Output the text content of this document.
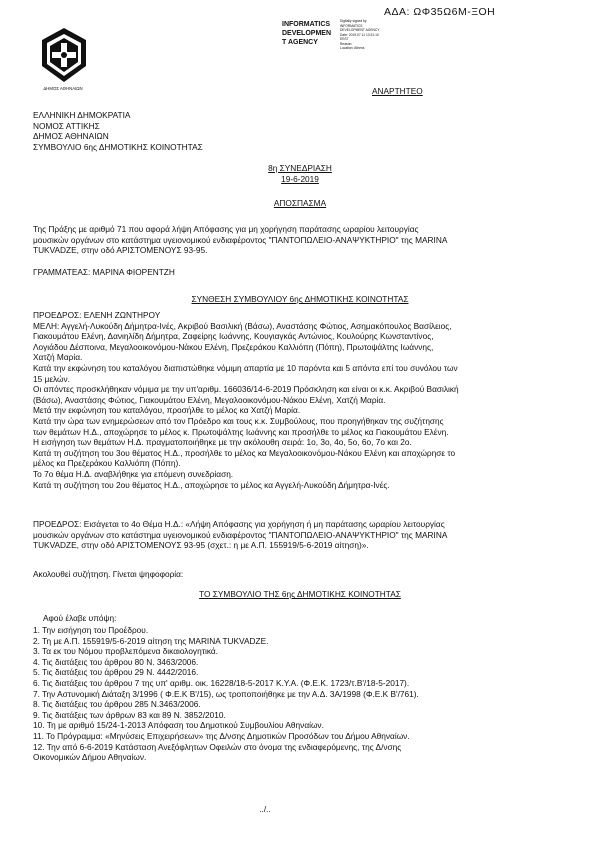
ΑΔΑ: ΩΦ35Ω6Μ-ΞΟΗ
ΔΗΜΟΣ ΑΘΗΝΑΙΩΝ
INFORMATICS
DEVELOPMEN
T AGENCY
Digitally signed by
INFORMATICS
DEVELOPMENT AGENCY
Date: 2019.07.11 13:31:10
EEST
Reason:
Location: Athens
ΑΝΑΡΤΗΤΕΟ
ΕΛΛΗΝΙΚΗ ΔΗΜΟΚΡΑΤΙΑ
ΝΟΜΟΣ ΑΤΤΙΚΗΣ
ΔΗΜΟΣ ΑΘΗΝΑΙΩΝ
ΣΥΜΒΟΥΛΙΟ 6ης ΔΗΜΟΤΙΚΗΣ ΚΟΙΝΟΤΗΤΑΣ
8η ΣΥΝΕΔΡΙΑΣΗ
19-6-2019
ΑΠΟΣΠΑΣΜΑ
Της Πράξης με αριθμό 71 που αφορά λήψη Απόφασης για μη χορήγηση παράτασης ωραρίου λειτουργίας
μουσικών οργάνων στο κατάστημα υγειονομικού ενδιαφέροντος "ΠΑΝΤΟΠΩΛΕΙΟ-ΑΝΑΨΥΚΤΗΡΙΟ" της MARINA
TUKVADZE, στην οδό ΑΡΙΣΤΟΜΕΝΟΥΣ 93-95.
ΓΡΑΜΜΑΤΕΑΣ: ΜΑΡΙΝΑ ΦΙΟΡΕΝΤΖΗ
ΣΥΝΘΕΣΗ ΣΥΜΒΟΥΛΙΟΥ 6ης ΔΗΜΟΤΙΚΗΣ ΚΟΙΝΟΤΗΤΑΣ
ΠΡΟΕΔΡΟΣ: ΕΛΕΝΗ ΖΩΝΤΗΡΟΥ
ΜΕΛΗ: Αγγελή-Λυκούδη Δήμητρα-Ινές, Ακριβού Βασιλική (Βάσω), Αναστάσης Φώτιος, Ασημακόπουλος Βασίλειος,
Γιακουμάτου Ελένη, Δανιηλίδη Δήμητρα, Ζαφείρης Ιωάννης, Κουγιαγκάς Αντώνιος, Κουλούρης Κωνσταντίνος,
Λογιάδου Δέσποινα, Μεγαλοοικονόμου-Νάκου Ελένη, Πρεζεράκου Καλλιόπη (Πόπη), Πρωτοψάλτης Ιωάννης,
Χατζή Μαρία.
Κατά την εκφώνηση του καταλόγου διαπιστώθηκε νόμιμη απαρτία με 10 παρόντα και 5 απόντα επί του συνόλου των
15 μελών.
Οι απόντες προσκλήθηκαν νόμιμα με την υπ'αριθμ. 166036/14-6-2019 Πρόσκληση και είναι οι κ.κ. Ακριβού Βασιλική
(Βάσω), Αναστάσης Φώτιος, Γιακουμάτου Ελένη, Μεγαλοοικονόμου-Νάκου Ελένη, Χατζή Μαρία.
Μετά την εκφώνηση του καταλόγου, προσήλθε το μέλος κα Χατζή Μαρία.
Κατά την ώρα των ενημερώσεων από τον Πρόεδρο και τους κ.κ. Συμβούλους, που προηγήθηκαν της συζήτησης
των θεμάτων Η.Δ., αποχώρησε το μέλος κ. Πρωτοψάλτης Ιωάννης και προσήλθε το μέλος κα Γιακουμάτου Ελένη.
Η εισήγηση των θεμάτων Η.Δ. πραγματοποιήθηκε με την ακόλουθη σειρά: 1ο, 3ο, 4ο, 5ο, 6ο, 7ο και 2ο.
Κατά τη συζήτηση του 3ου θέματος Η.Δ., προσήλθε το μέλος κα Μεγαλοοικονόμου-Νάκου Ελένη και αποχώρησε το
μέλος κα Πρεζεράκου Καλλιόπη (Πόπη).
Το 7ο θέμα Η.Δ. αναβλήθηκε για επόμενη συνεδρίαση.
Κατά τη συζήτηση του 2ου θέματος Η.Δ., αποχώρησε το μέλος κα Αγγελή-Λυκούδη Δήμητρα-Ινές.
ΠΡΟΕΔΡΟΣ: Εισάγεται το 4ο Θέμα Η.Δ.: «Λήψη Απόφασης για χορήγηση ή μη παράτασης ωραρίου λειτουργίας
μουσικών οργάνων στο κατάστημα υγειονομικού ενδιαφέροντος "ΠΑΝΤΟΠΩΛΕΙΟ-ΑΝΑΨΥΚΤΗΡΙΟ" της MARINA
TUKVADZE, στην οδό ΑΡΙΣΤΟΜΕΝΟΥΣ 93-95 (σχετ.: η με Α.Π. 155919/5-6-2019 αίτηση)».
Ακολουθεί συζήτηση. Γίνεται ψηφοφορία:
ΤΟ ΣΥΜΒΟΥΛΙΟ ΤΗΣ 6ης ΔΗΜΟΤΙΚΗΣ ΚΟΙΝΟΤΗΤΑΣ
Αφού έλαβε υπόψη:
1. Την εισήγηση του Προέδρου.
2. Τη με Α.Π. 155919/5-6-2019 αίτηση της MARINA TUKVADZE.
3. Τα εκ του Νόμου προβλεπόμενα δικαιολογητικά.
4. Τις διατάξεις του άρθρου 80 Ν. 3463/2006.
5. Τις διατάξεις του άρθρου 29 Ν. 4442/2016.
6. Τις διατάξεις του άρθρου 7 της υπ' αριθμ. οικ. 16228/18-5-2017 Κ.Υ.Α. (Φ.Ε.Κ. 1723/τ.Β'/18-5-2017).
7. Την Αστυνομική Διάταξη 3/1996 ( Φ.Ε.Κ Β'/15), ως τροποποιήθηκε με την Α.Δ. 3Α/1998 (Φ.Ε.Κ Β'/761).
8. Τις διατάξεις του άρθρου 285 Ν.3463/2006.
9. Τις διατάξεις των άρθρων 83 και 89 Ν. 3852/2010.
10. Τη με αριθμό 15/24-1-2013 Απόφαση του Δημοτικού Συμβουλίου Αθηναίων.
11. Το Πρόγραμμα: «Μηνύσεις Επιχειρήσεων» της Δ/νσης Δημοτικών Προσόδων του Δήμου Αθηναίων.
12. Την από 6-6-2019 Κατάσταση Ανεξόφλητων Οφειλών στο όνομα της ενδιαφερόμενης, της Δ/νσης
Οικονομικών Δήμου Αθηναίων.
../..
